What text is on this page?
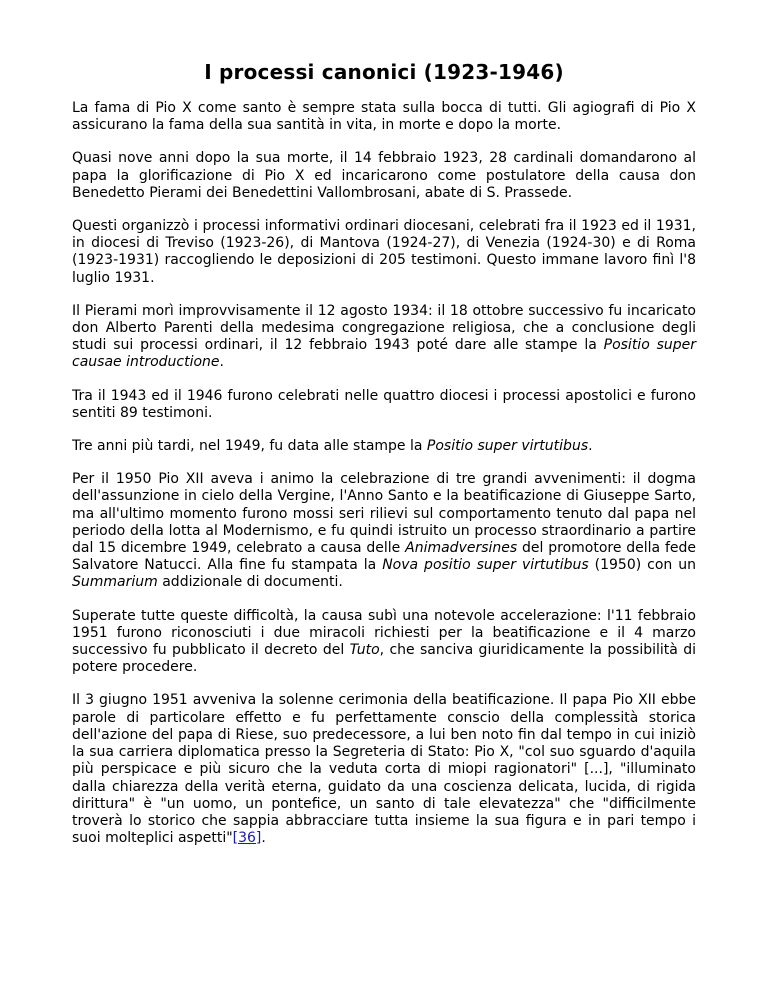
I processi canonici (1923-1946)

La fama di Pio X come santo è sempre stata sulla bocca di tutti. Gli agiografi di Pio X assicurano la fama della sua santità in vita, in morte e dopo la morte.

Quasi nove anni dopo la sua morte, il 14 febbraio 1923, 28 cardinali domandarono al papa la glorificazione di Pio X ed incaricarono come postulatore della causa don Benedetto Pierami dei Benedettini Vallombrosani, abate di S. Prassede.

Questi organizzò i processi informativi ordinari diocesani, celebrati fra il 1923 ed il 1931, in diocesi di Treviso (1923-26), di Mantova (1924-27), di Venezia (1924-30) e di Roma (1923-1931) raccogliendo le deposizioni di 205 testimoni. Questo immane lavoro finì l'8 luglio 1931.

Il Pierami morì improvvisamente il 12 agosto 1934: il 18 ottobre successivo fu incaricato don Alberto Parenti della medesima congregazione religiosa, che a conclusione degli studi sui processi ordinari, il 12 febbraio 1943 poté dare alle stampe la Positio super causae introductione.

Tra il 1943 ed il 1946 furono celebrati nelle quattro diocesi i processi apostolici e furono sentiti 89 testimoni.

Tre anni più tardi, nel 1949, fu data alle stampe la Positio super virtutibus.

Per il 1950 Pio XII aveva i animo la celebrazione di tre grandi avvenimenti: il dogma dell'assunzione in cielo della Vergine, l'Anno Santo e la beatificazione di Giuseppe Sarto, ma all'ultimo momento furono mossi seri rilievi sul comportamento tenuto dal papa nel periodo della lotta al Modernismo, e fu quindi istruito un processo straordinario a partire dal 15 dicembre 1949, celebrato a causa delle Animadversines del promotore della fede Salvatore Natucci. Alla fine fu stampata la Nova positio super virtutibus (1950) con un Summarium addizionale di documenti.

Superate tutte queste difficoltà, la causa subì una notevole accelerazione: l'11 febbraio 1951 furono riconosciuti i due miracoli richiesti per la beatificazione e il 4 marzo successivo fu pubblicato il decreto del Tuto, che sanciva giuridicamente la possibilità di potere procedere.

Il 3 giugno 1951 avveniva la solenne cerimonia della beatificazione. Il papa Pio XII ebbe parole di particolare effetto e fu perfettamente conscio della complessità storica dell'azione del papa di Riese, suo predecessore, a lui ben noto fin dal tempo in cui iniziò la sua carriera diplomatica presso la Segreteria di Stato: Pio X, "col suo sguardo d'aquila più perspicace e più sicuro che la veduta corta di miopi ragionatori" [...], "illuminato dalla chiarezza della verità eterna, guidato da una coscienza delicata, lucida, di rigida dirittura" è "un uomo, un pontefice, un santo di tale elevatezza" che "difficilmente troverà lo storico che sappia abbracciare tutta insieme la sua figura e in pari tempo i suoi molteplici aspetti"[36].
